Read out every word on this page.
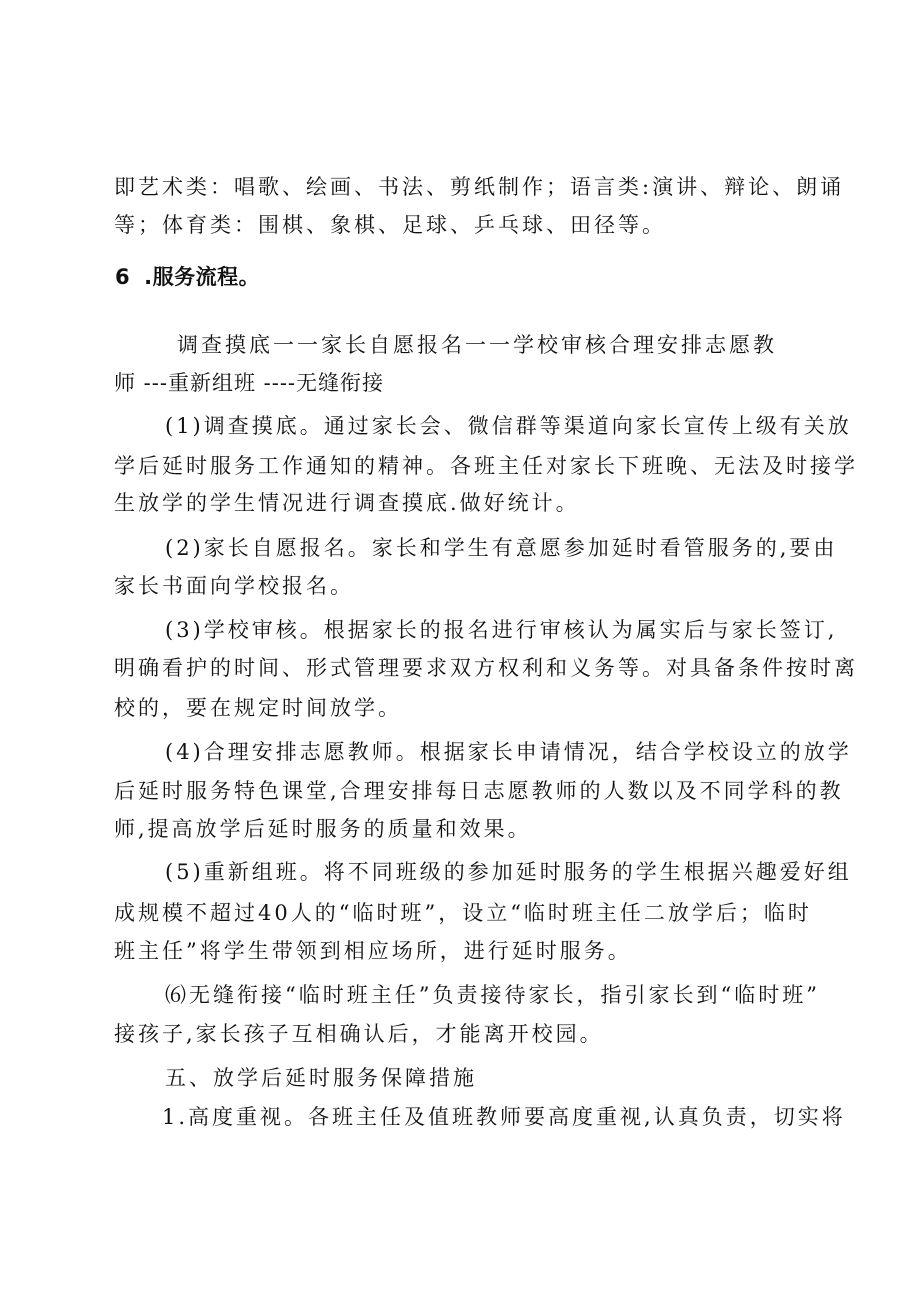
即艺术类：唱歌、绘画、书法、剪纸制作；语言类:演讲、辩论、朗诵

等；体育类：围棋、象棋、足球、乒乓球、田径等。

6 .服务流程。

调查摸底一一家长自愿报名一一学校审核合理安排志愿教

师 ---重新组班 ----无缝衔接

(1)调查摸底。通过家长会、微信群等渠道向家长宣传上级有关放

学后延时服务工作通知的精神。各班主任对家长下班晚、无法及时接学

生放学的学生情况进行调查摸底.做好统计。

(2)家长自愿报名。家长和学生有意愿参加延时看管服务的,要由

家长书面向学校报名。

(3)学校审核。根据家长的报名进行审核认为属实后与家长签订,

明确看护的时间、形式管理要求双方权利和义务等。对具备条件按时离

校的，要在规定时间放学。

(4)合理安排志愿教师。根据家长申请情况，结合学校设立的放学

后延时服务特色课堂,合理安排每日志愿教师的人数以及不同学科的教

师,提高放学后延时服务的质量和效果。

(5)重新组班。将不同班级的参加延时服务的学生根据兴趣爱好组

成规模不超过40人的“临时班”，设立“临时班主任二放学后；临时

班主任”将学生带领到相应场所，进行延时服务。

⑹无缝衔接“临时班主任”负责接待家长，指引家长到“临时班”

接孩子,家长孩子互相确认后，才能离开校园。

五、放学后延时服务保障措施

1.高度重视。各班主任及值班教师要高度重视,认真负责，切实将
